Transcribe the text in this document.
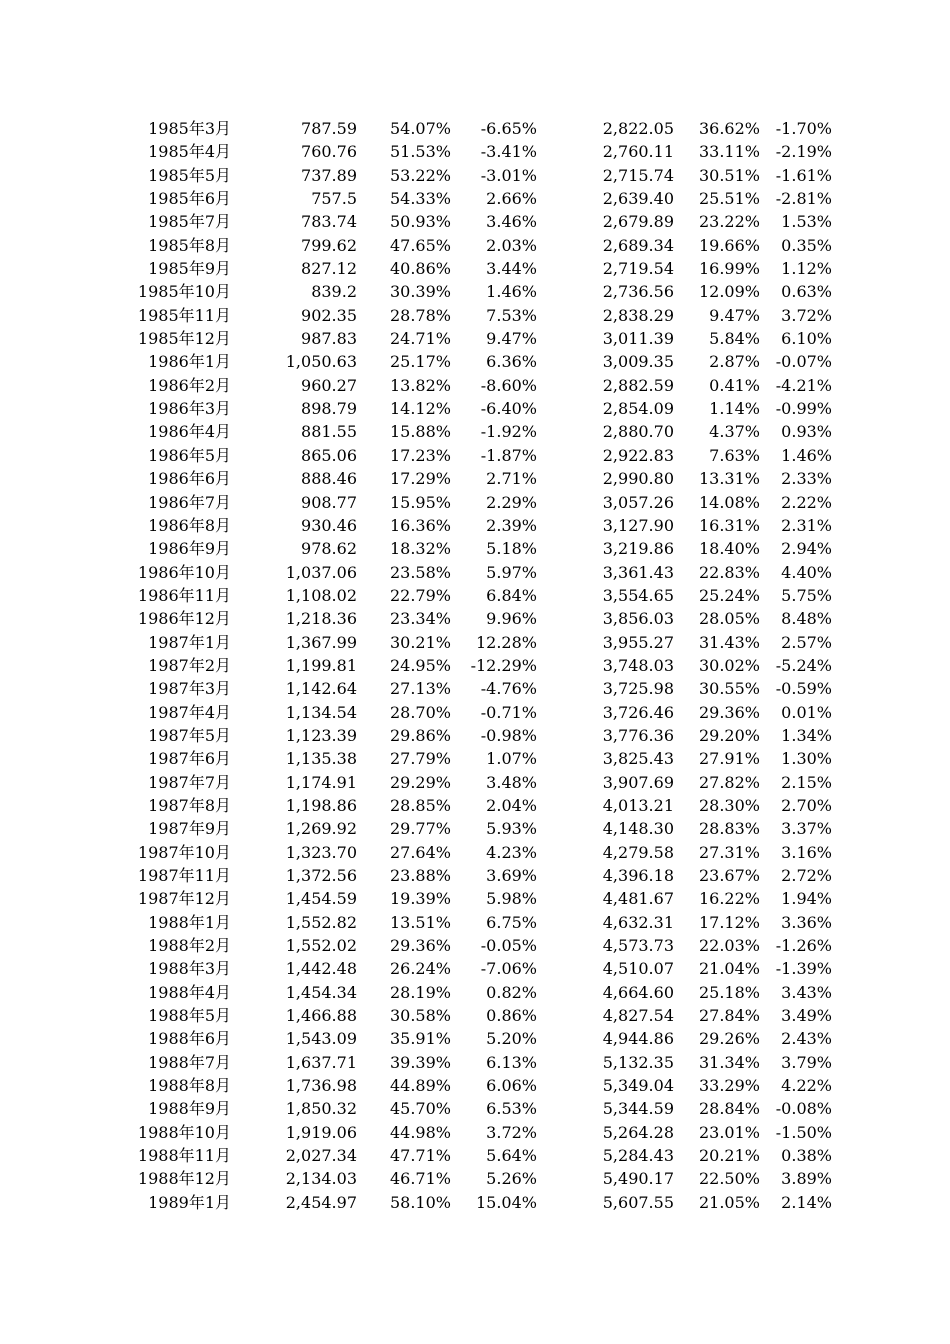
1985年3月	787.59 54.07% -6.65%	2,822.05 36.62% -1.70%
1985年4月	760.76 51.53% -3.41%	2,760.11 33.11% -2.19%
1985年5月	737.89 53.22% -3.01%	2,715.74 30.51% -1.61%
1985年6月	757.5 54.33% 2.66%	2,639.40 25.51% -2.81%
1985年7月	783.74 50.93% 3.46%	2,679.89 23.22% 1.53%
1985年8月	799.62 47.65% 2.03%	2,689.34 19.66% 0.35%
1985年9月	827.12 40.86% 3.44%	2,719.54 16.99% 1.12%
1985年10月	839.2 30.39% 1.46%	2,736.56 12.09% 0.63%
1985年11月	902.35 28.78% 7.53%	2,838.29 9.47% 3.72%
1985年12月	987.83 24.71% 9.47%	3,011.39 5.84% 6.10%
1986年1月	1,050.63 25.17% 6.36%	3,009.35 2.87% -0.07%
1986年2月	960.27 13.82% -8.60%	2,882.59 0.41% -4.21%
1986年3月	898.79 14.12% -6.40%	2,854.09 1.14% -0.99%
1986年4月	881.55 15.88% -1.92%	2,880.70 4.37% 0.93%
1986年5月	865.06 17.23% -1.87%	2,922.83 7.63% 1.46%
1986年6月	888.46 17.29% 2.71%	2,990.80 13.31% 2.33%
1986年7月	908.77 15.95% 2.29%	3,057.26 14.08% 2.22%
1986年8月	930.46 16.36% 2.39%	3,127.90 16.31% 2.31%
1986年9月	978.62 18.32% 5.18%	3,219.86 18.40% 2.94%
1986年10月	1,037.06 23.58% 5.97%	3,361.43 22.83% 4.40%
1986年11月	1,108.02 22.79% 6.84%	3,554.65 25.24% 5.75%
1986年12月	1,218.36 23.34% 9.96%	3,856.03 28.05% 8.48%
1987年1月	1,367.99 30.21% 12.28%	3,955.27 31.43% 2.57%
1987年2月	1,199.81 24.95% -12.29%	3,748.03 30.02% -5.24%
1987年3月	1,142.64 27.13% -4.76%	3,725.98 30.55% -0.59%
1987年4月	1,134.54 28.70% -0.71%	3,726.46 29.36% 0.01%
1987年5月	1,123.39 29.86% -0.98%	3,776.36 29.20% 1.34%
1987年6月	1,135.38 27.79% 1.07%	3,825.43 27.91% 1.30%
1987年7月	1,174.91 29.29% 3.48%	3,907.69 27.82% 2.15%
1987年8月	1,198.86 28.85% 2.04%	4,013.21 28.30% 2.70%
1987年9月	1,269.92 29.77% 5.93%	4,148.30 28.83% 3.37%
1987年10月	1,323.70 27.64% 4.23%	4,279.58 27.31% 3.16%
1987年11月	1,372.56 23.88% 3.69%	4,396.18 23.67% 2.72%
1987年12月	1,454.59 19.39% 5.98%	4,481.67 16.22% 1.94%
1988年1月	1,552.82 13.51% 6.75%	4,632.31 17.12% 3.36%
1988年2月	1,552.02 29.36% -0.05%	4,573.73 22.03% -1.26%
1988年3月	1,442.48 26.24% -7.06%	4,510.07 21.04% -1.39%
1988年4月	1,454.34 28.19% 0.82%	4,664.60 25.18% 3.43%
1988年5月	1,466.88 30.58% 0.86%	4,827.54 27.84% 3.49%
1988年6月	1,543.09 35.91% 5.20%	4,944.86 29.26% 2.43%
1988年7月	1,637.71 39.39% 6.13%	5,132.35 31.34% 3.79%
1988年8月	1,736.98 44.89% 6.06%	5,349.04 33.29% 4.22%
1988年9月	1,850.32 45.70% 6.53%	5,344.59 28.84% -0.08%
1988年10月	1,919.06 44.98% 3.72%	5,264.28 23.01% -1.50%
1988年11月	2,027.34 47.71% 5.64%	5,284.43 20.21% 0.38%
1988年12月	2,134.03 46.71% 5.26%	5,490.17 22.50% 3.89%
1989年1月	2,454.97 58.10% 15.04%	5,607.55 21.05% 2.14%
